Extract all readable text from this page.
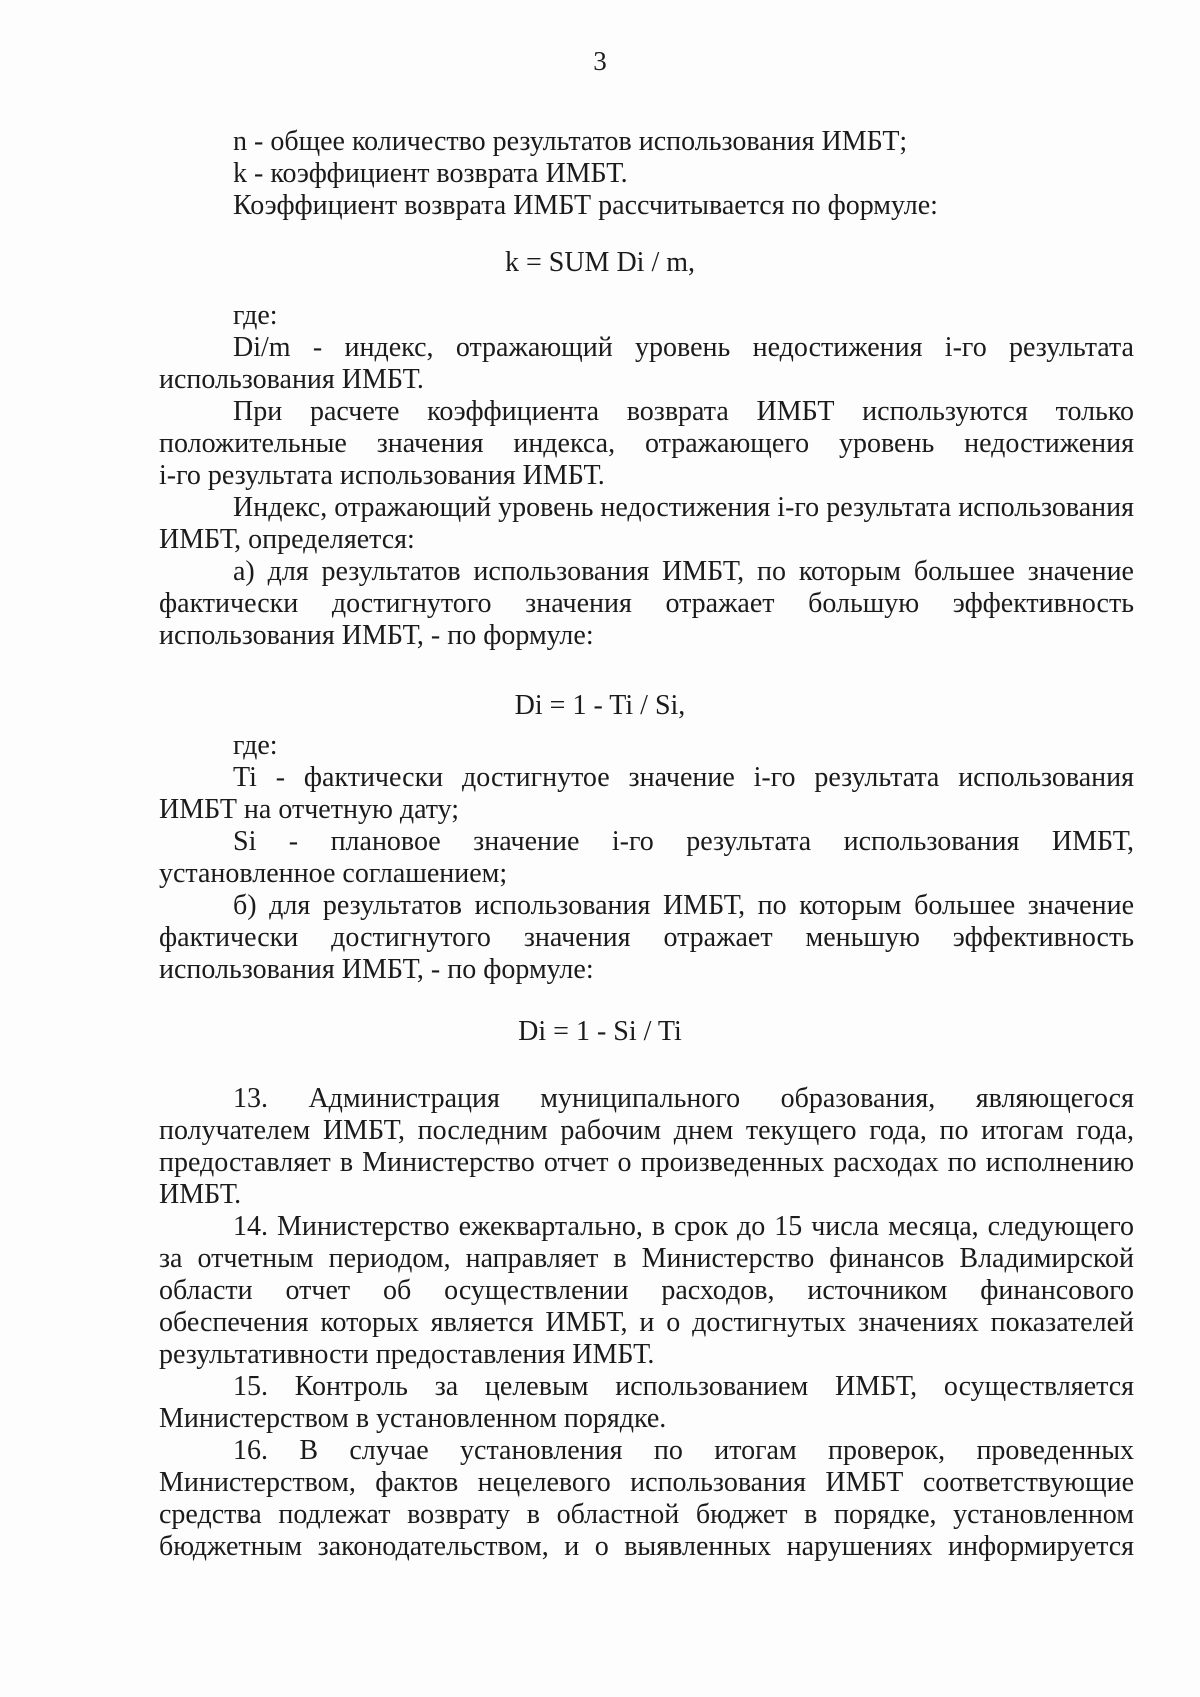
3
n - общее количество результатов использования ИМБТ;
k - коэффициент возврата ИМБТ.
Коэффициент возврата ИМБТ рассчитывается по формуле:
k = SUM Di / m,
где:
Di/m - индекс, отражающий уровень недостижения i-го результата
использования ИМБТ.
При расчете коэффициента возврата ИМБТ используются только
положительные значения индекса, отражающего уровень недостижения
i-го результата использования ИМБТ.
Индекс, отражающий уровень недостижения i-го результата использования
ИМБТ, определяется:
а) для результатов использования ИМБТ, по которым большее значение
фактически достигнутого значения отражает большую эффективность
использования ИМБТ, - по формуле:
Di = 1 - Ti / Si,
где:
Ti - фактически достигнутое значение i-го результата использования
ИМБТ на отчетную дату;
Si - плановое значение i-го результата использования ИМБТ,
установленное соглашением;
б) для результатов использования ИМБТ, по которым большее значение
фактически достигнутого значения отражает меньшую эффективность
использования ИМБТ, - по формуле:
Di = 1 - Si / Ti
13. Администрация муниципального образования, являющегося
получателем ИМБТ, последним рабочим днем текущего года, по итогам года,
предоставляет в Министерство отчет о произведенных расходах по исполнению
ИМБТ.
14. Министерство ежеквартально, в срок до 15 числа месяца, следующего
за отчетным периодом, направляет в Министерство финансов Владимирской
области отчет об осуществлении расходов, источником финансового
обеспечения которых является ИМБТ, и о достигнутых значениях показателей
результативности предоставления ИМБТ.
15. Контроль за целевым использованием ИМБТ, осуществляется
Министерством в установленном порядке.
16. В случае установления по итогам проверок, проведенных
Министерством, фактов нецелевого использования ИМБТ соответствующие
средства подлежат возврату в областной бюджет в порядке, установленном
бюджетным законодательством, и о выявленных нарушениях информируется
